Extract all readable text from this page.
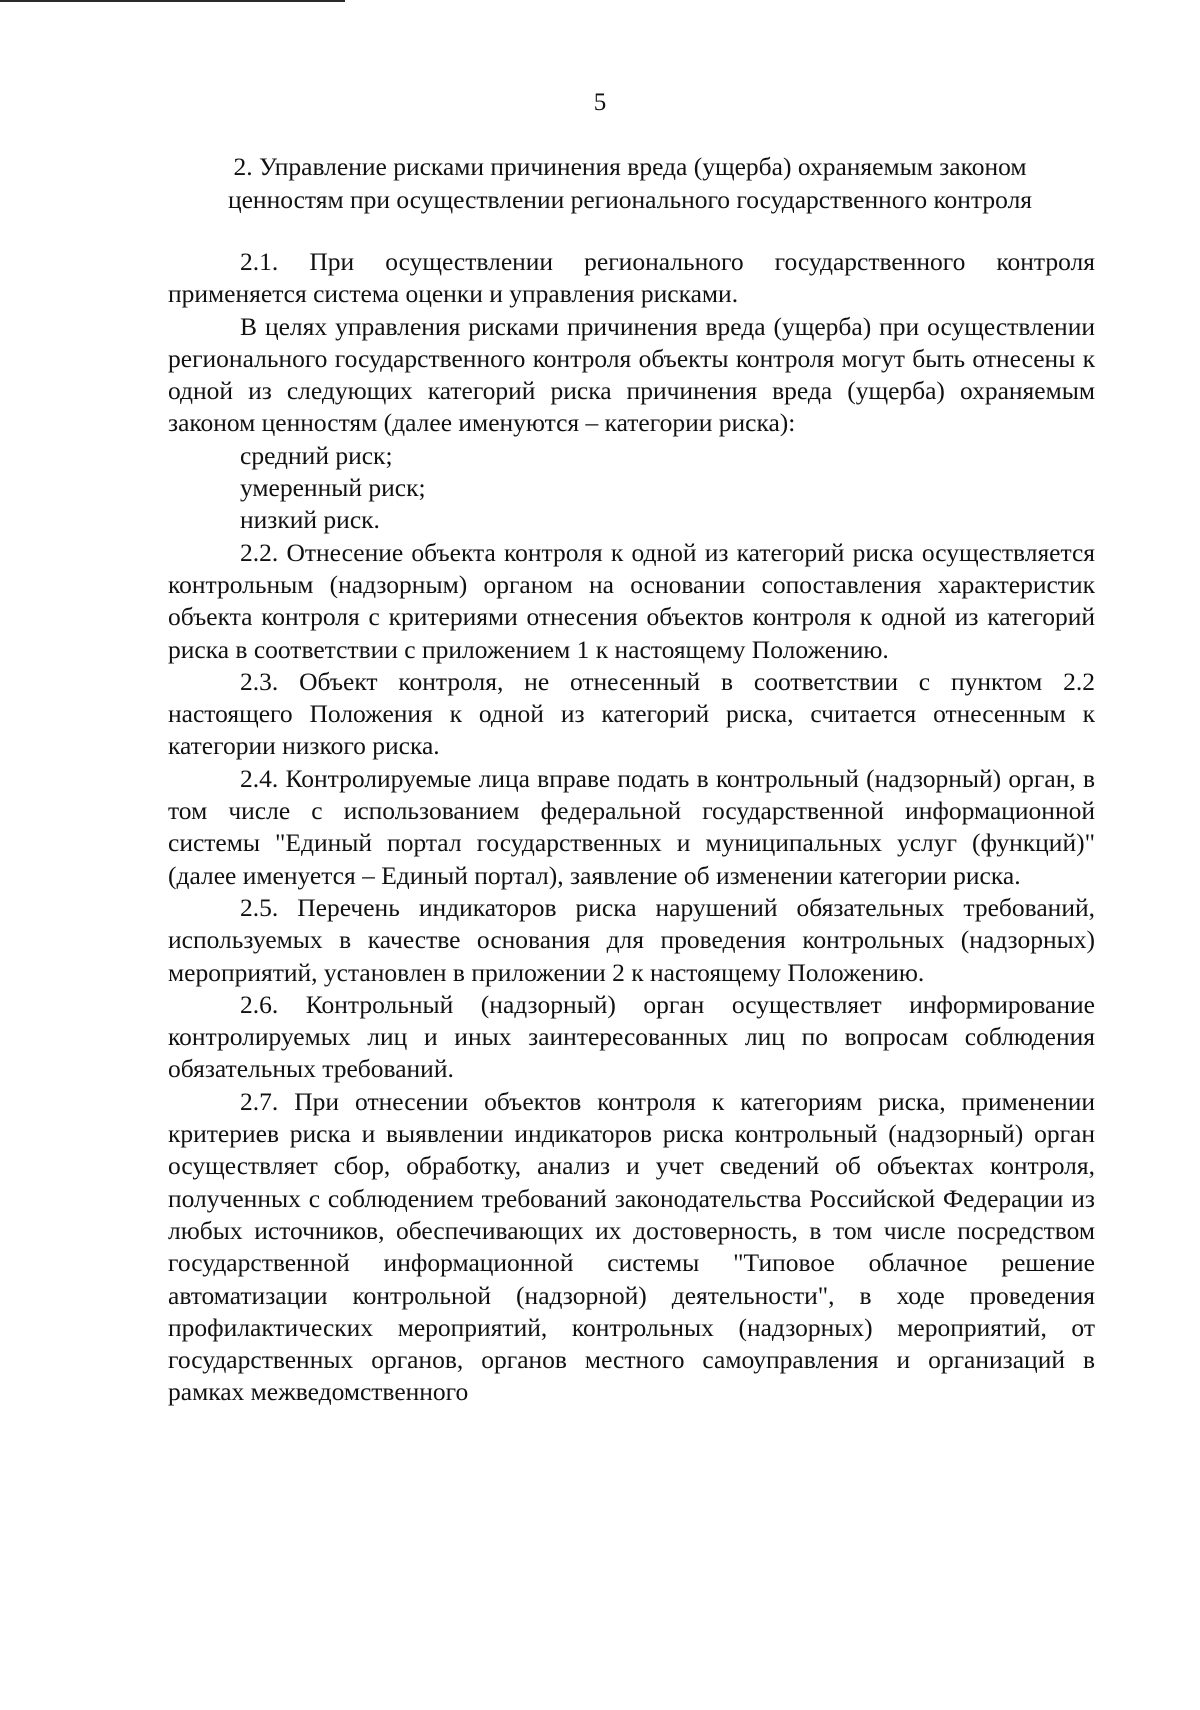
5
2. Управление рисками причинения вреда (ущерба) охраняемым законом
ценностям при осуществлении регионального государственного контроля

2.1. При осуществлении регионального государственного контроля применяется система оценки и управления рисками.

В целях управления рисками причинения вреда (ущерба) при осуществлении регионального государственного контроля объекты контроля могут быть отнесены к одной из следующих категорий риска причинения вреда (ущерба) охраняемым законом ценностям (далее именуются – категории риска):

средний риск;

умеренный риск;

низкий риск.

2.2. Отнесение объекта контроля к одной из категорий риска осуществляется контрольным (надзорным) органом на основании сопоставления характеристик объекта контроля с критериями отнесения объектов контроля к одной из категорий риска в соответствии с приложением 1 к настоящему Положению.

2.3. Объект контроля, не отнесенный в соответствии с пунктом 2.2 настоящего Положения к одной из категорий риска, считается отнесенным к категории низкого риска.

2.4. Контролируемые лица вправе подать в контрольный (надзорный) орган, в том числе с использованием федеральной государственной информационной системы "Единый портал государственных и муниципальных услуг (функций)" (далее именуется – Единый портал), заявление об изменении категории риска.

2.5. Перечень индикаторов риска нарушений обязательных требований, используемых в качестве основания для проведения контрольных (надзорных) мероприятий, установлен в приложении 2 к настоящему Положению.

2.6. Контрольный (надзорный) орган осуществляет информирование контролируемых лиц и иных заинтересованных лиц по вопросам соблюдения обязательных требований.

2.7. При отнесении объектов контроля к категориям риска, применении критериев риска и выявлении индикаторов риска контрольный (надзорный) орган осуществляет сбор, обработку, анализ и учет сведений об объектах контроля, полученных с соблюдением требований законодательства Российской Федерации из любых источников, обеспечивающих их достоверность, в том числе посредством государственной информационной системы "Типовое облачное решение автоматизации контрольной (надзорной) деятельности", в ходе проведения профилактических мероприятий, контрольных (надзорных) мероприятий, от государственных органов, органов местного самоуправления и организаций в рамках межведомственного
